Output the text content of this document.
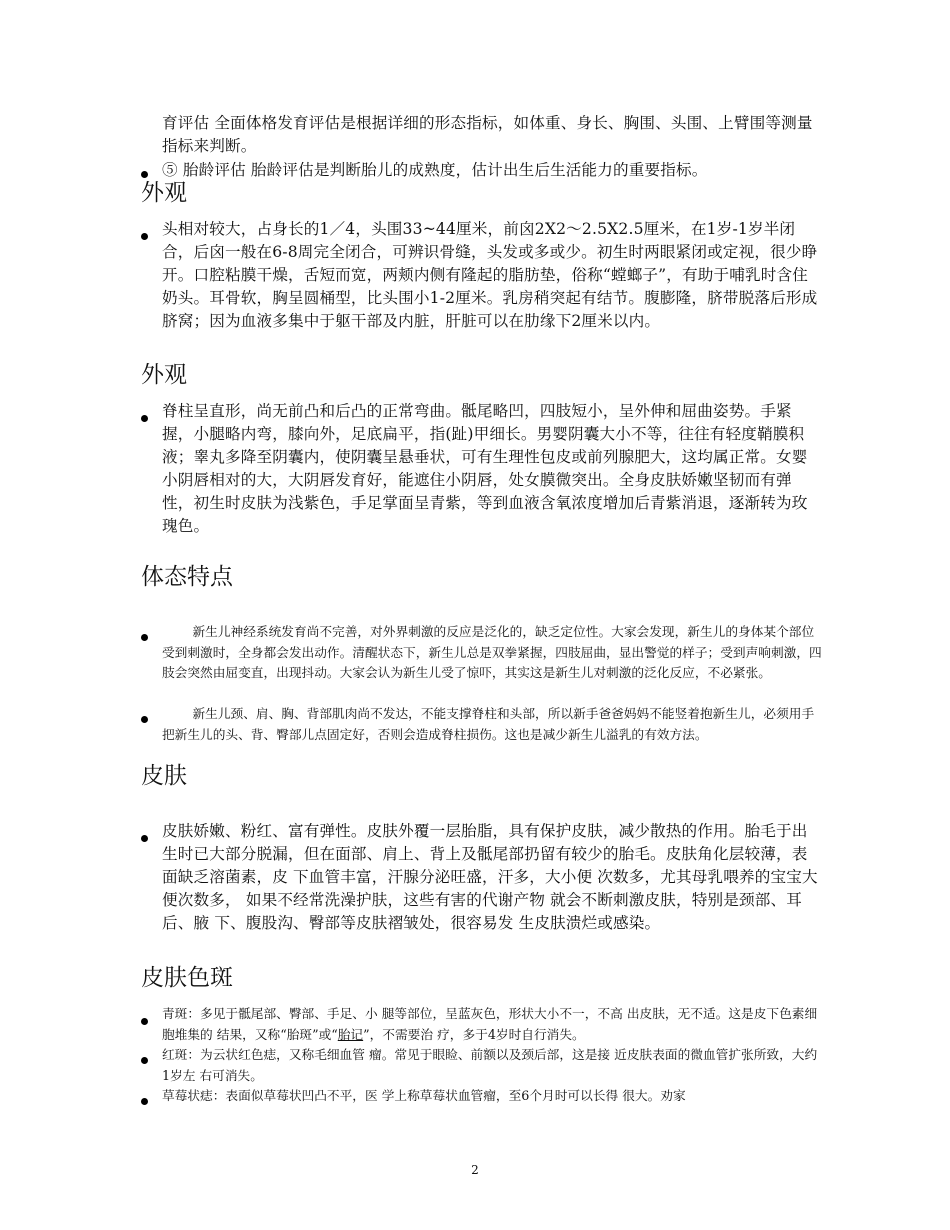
育评估 全面体格发育评估是根据详细的形态指标，如体重、身长、胸围、头围、上臂围等测量指标来判断。
⑤ 胎龄评估 胎龄评估是判断胎儿的成熟度，估计出生后生活能力的重要指标。
外观
头相对较大，占身长的1／4，头围33~44厘米，前囟2X2～2.5X2.5厘米，在1岁-1岁半闭合，后囟一般在6-8周完全闭合，可辨识骨缝，头发或多或少。初生时两眼紧闭或定视，很少睁开。口腔粘膜干燥，舌短而宽，两颊内侧有隆起的脂肪垫，俗称“螳螂子”，有助于哺乳时含住奶头。耳骨软，胸呈圆桶型，比头围小1-2厘米。乳房稍突起有结节。腹膨隆，脐带脱落后形成脐窝；因为血液多集中于躯干部及内脏，肝脏可以在肋缘下2厘米以内。
外观
脊柱呈直形，尚无前凸和后凸的正常弯曲。骶尾略凹，四肢短小，呈外伸和屈曲姿势。手紧握，小腿略内弯，膝向外，足底扁平，指(趾)甲细长。男婴阴囊大小不等，往往有轻度鞘膜积液；睾丸多降至阴囊内，使阴囊呈悬垂状，可有生理性包皮或前列腺肥大，这均属正常。女婴小阴唇相对的大，大阴唇发育好，能遮住小阴唇，处女膜微突出。全身皮肤娇嫩坚韧而有弹性，初生时皮肤为浅紫色，手足掌面呈青紫，等到血液含氧浓度增加后青紫消退，逐渐转为玫瑰色。
体态特点
新生儿神经系统发育尚不完善，对外界刺激的反应是泛化的，缺乏定位性。大家会发现，新生儿的身体某个部位受到刺激时，全身都会发出动作。清醒状态下，新生儿总是双拳紧握，四肢屈曲，显出警觉的样子；受到声响刺激，四肢会突然由屈变直，出现抖动。大家会认为新生儿受了惊吓，其实这是新生儿对刺激的泛化反应，不必紧张。
新生儿颈、肩、胸、背部肌肉尚不发达，不能支撑脊柱和头部，所以新手爸爸妈妈不能竖着抱新生儿，必须用手把新生儿的头、背、臀部儿点固定好，否则会造成脊柱损伤。这也是减少新生儿溢乳的有效方法。
皮肤
皮肤娇嫩、粉红、富有弹性。皮肤外覆一层胎脂，具有保护皮肤，减少散热的作用。胎毛于出生时已大部分脱漏，但在面部、肩上、背上及骶尾部扔留有较少的胎毛。皮肤角化层较薄，表面缺乏溶菌素，皮 下血管丰富，汗腺分泌旺盛，汗多，大小便 次数多，尤其母乳喂养的宝宝大便次数多， 如果不经常洗澡护肤，这些有害的代谢产物 就会不断刺激皮肤，特别是颈部、耳后、腋 下、腹股沟、臀部等皮肤褶皱处，很容易发 生皮肤溃烂或感染。
皮肤色斑
青斑：多见于骶尾部、臀部、手足、小 腿等部位，呈蓝灰色，形状大小不一，不高 出皮肤，无不适。这是皮下色素细胞堆集的 结果，又称“胎斑”或“胎记”，不需要治 疗，多于4岁时自行消失。
红斑：为云状红色痣，又称毛细血管 瘤。常见于眼睑、前额以及颈后部，这是接 近皮肤表面的微血管扩张所致，大约1岁左 右可消失。
草莓状痣：表面似草莓状凹凸不平，医 学上称草莓状血管瘤，至6个月时可以长得 很大。劝家
2
